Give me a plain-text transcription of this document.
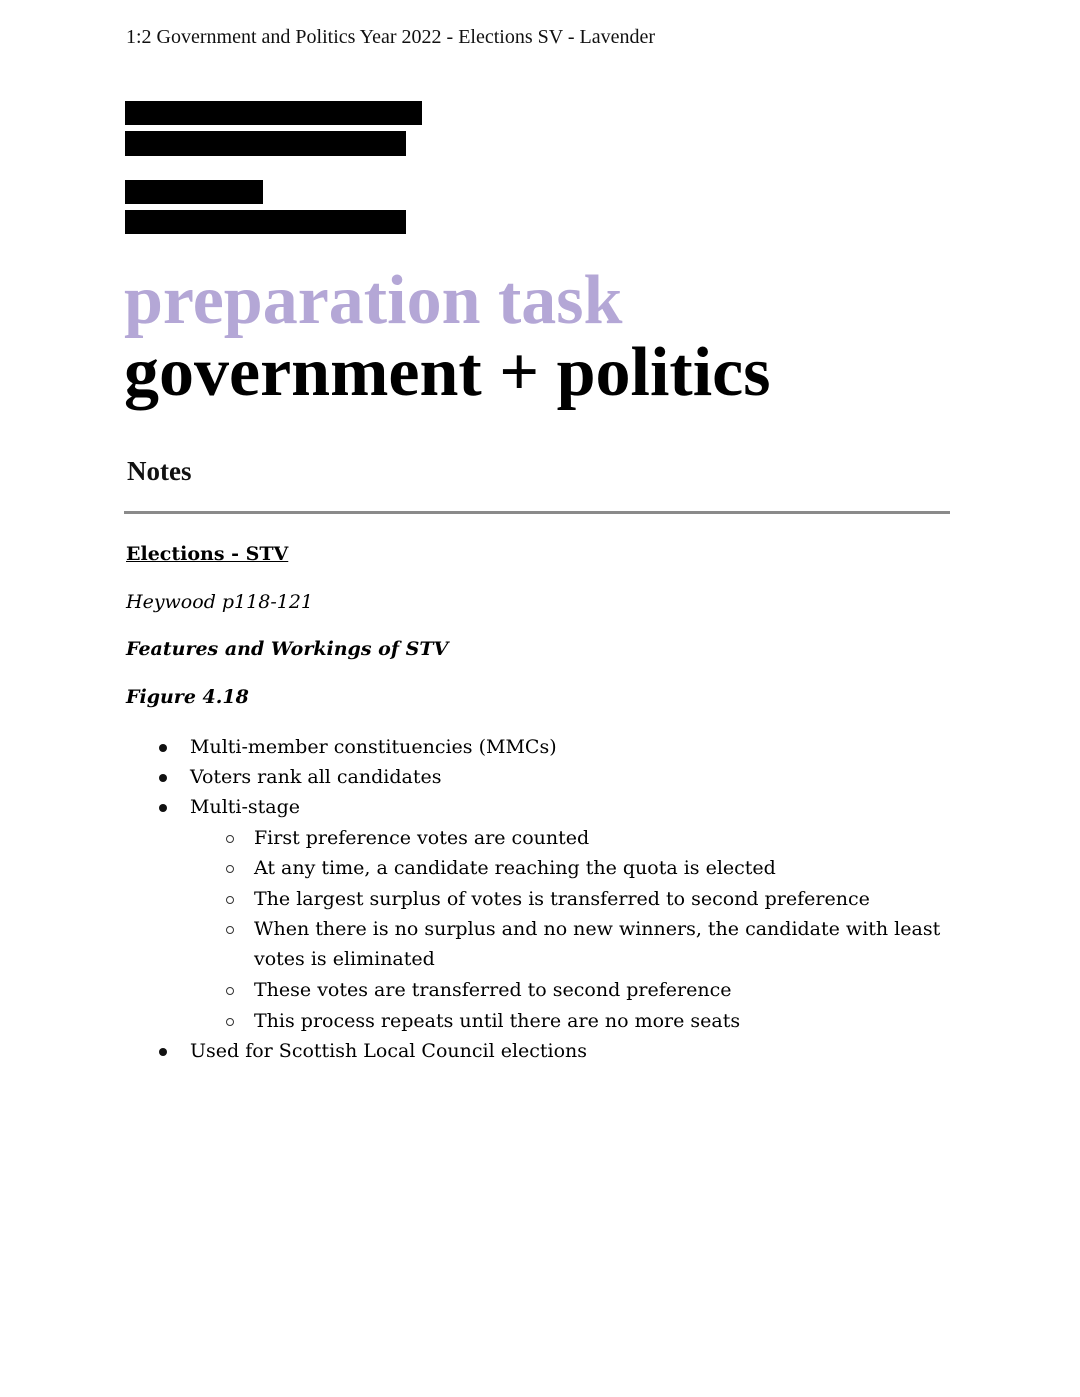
1:2 Government and Politics Year 2022 - Elections SV - Lavender
preparation task
government + politics
Notes
Elections - STV
Heywood p118-121
Features and Workings of STV
Figure 4.18
Multi-member constituencies (MMCs)
Voters rank all candidates
Multi-stage
First preference votes are counted
At any time, a candidate reaching the quota is elected
The largest surplus of votes is transferred to second preference
When there is no surplus and no new winners, the candidate with least votes is eliminated
These votes are transferred to second preference
This process repeats until there are no more seats
Used for Scottish Local Council elections
